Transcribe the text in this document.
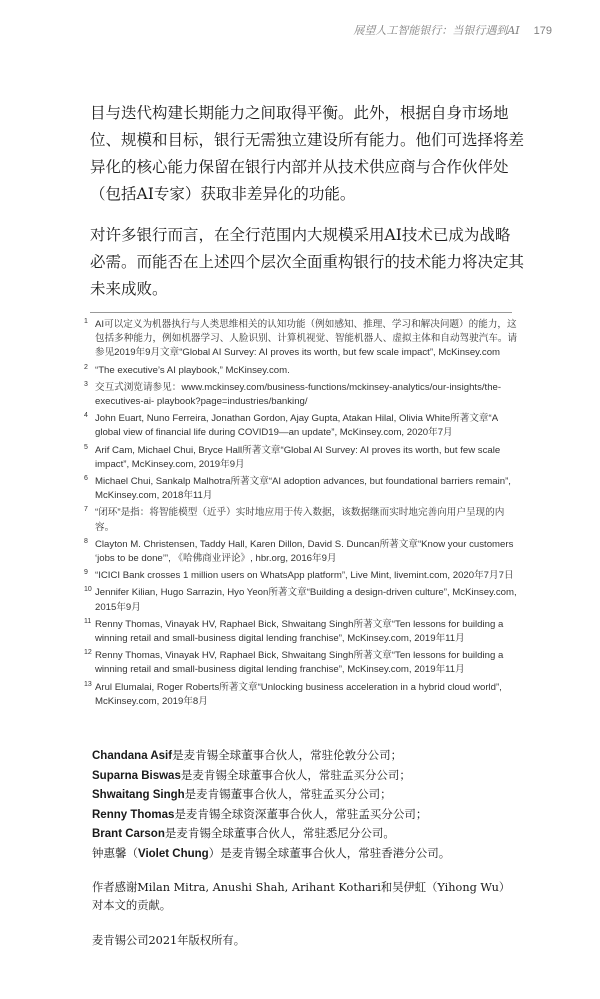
展望人工智能银行：当银行遇到AI 179

目与迭代构建长期能力之间取得平衡。此外，根据自身市场地位、规模和目标，银行无需独立建设所有能力。他们可选择将差异化的核心能力保留在银行内部并从技术供应商与合作伙伴处（包括AI专家）获取非差异化的功能。

对许多银行而言，在全行范围内大规模采用AI技术已成为战略必需。而能否在上述四个层次全面重构银行的技术能力将决定其未来成败。

1 AI可以定义为机器执行与人类思维相关的认知功能（例如感知、推理、学习和解决问题）的能力，这包括多种能力，例如机器学习、人脸识别、计算机视觉、智能机器人、虚拟主体和自动驾驶汽车。请参见2019年9月文章“Global AI Survey: AI proves its worth, but few scale impact”, McKinsey.com
2 “The executive’s AI playbook,” McKinsey.com.
3 交互式浏览请参见：www.mckinsey.com/business-functions/mckinsey-analytics/our-insights/the-executives-ai- playbook?page=industries/banking/
4 John Euart, Nuno Ferreira, Jonathan Gordon, Ajay Gupta, Atakan Hilal, Olivia White所著文章“A global view of financial life during COVID19—an update”, McKinsey.com, 2020年7月
5 Arif Cam, Michael Chui, Bryce Hall所著文章“Global AI Survey: AI proves its worth, but few scale impact”, McKinsey.com, 2019年9月
6 Michael Chui, Sankalp Malhotra所著文章“AI adoption advances, but foundational barriers remain”, McKinsey.com, 2018年11月
7 “闭环”是指：将智能模型（近乎）实时地应用于传入数据，该数据继而实时地完善向用户呈现的内容。
8 Clayton M. Christensen, Taddy Hall, Karen Dillon, David S. Duncan所著文章“Know your customers ‘jobs to be done’”, 《哈佛商业评论》, hbr.org, 2016年9月
9 “ICICI Bank crosses 1 million users on WhatsApp platform”, Live Mint, livemint.com, 2020年7月7日
10 Jennifer Kilian, Hugo Sarrazin, Hyo Yeon所著文章“Building a design-driven culture”, McKinsey.com, 2015年9月
11 Renny Thomas, Vinayak HV, Raphael Bick, Shwaitang Singh所著文章“Ten lessons for building a winning retail and small-business digital lending franchise”, McKinsey.com, 2019年11月
12 Renny Thomas, Vinayak HV, Raphael Bick, Shwaitang Singh所著文章“Ten lessons for building a winning retail and small-business digital lending franchise”, McKinsey.com, 2019年11月
13 Arul Elumalai, Roger Roberts所著文章“Unlocking business acceleration in a hybrid cloud world”, McKinsey.com, 2019年8月
Chandana Asif是麦肯锡全球董事合伙人，常驻伦敦分公司；
Suparna Biswas是麦肯锡全球董事合伙人，常驻孟买分公司；
Shwaitang Singh是麦肯锡董事合伙人，常驻孟买分公司；
Renny Thomas是麦肯锡全球资深董事合伙人，常驻孟买分公司；
Brant Carson是麦肯锡全球董事合伙人，常驻悉尼分公司。
钟惠馨（Violet Chung）是麦肯锡全球董事合伙人，常驻香港分公司。
作者感谢Milan Mitra, Anushi Shah, Arihant Kothari和吴伊虹（Yihong Wu）对本文的贡献。
麦肯锡公司2021年版权所有。
